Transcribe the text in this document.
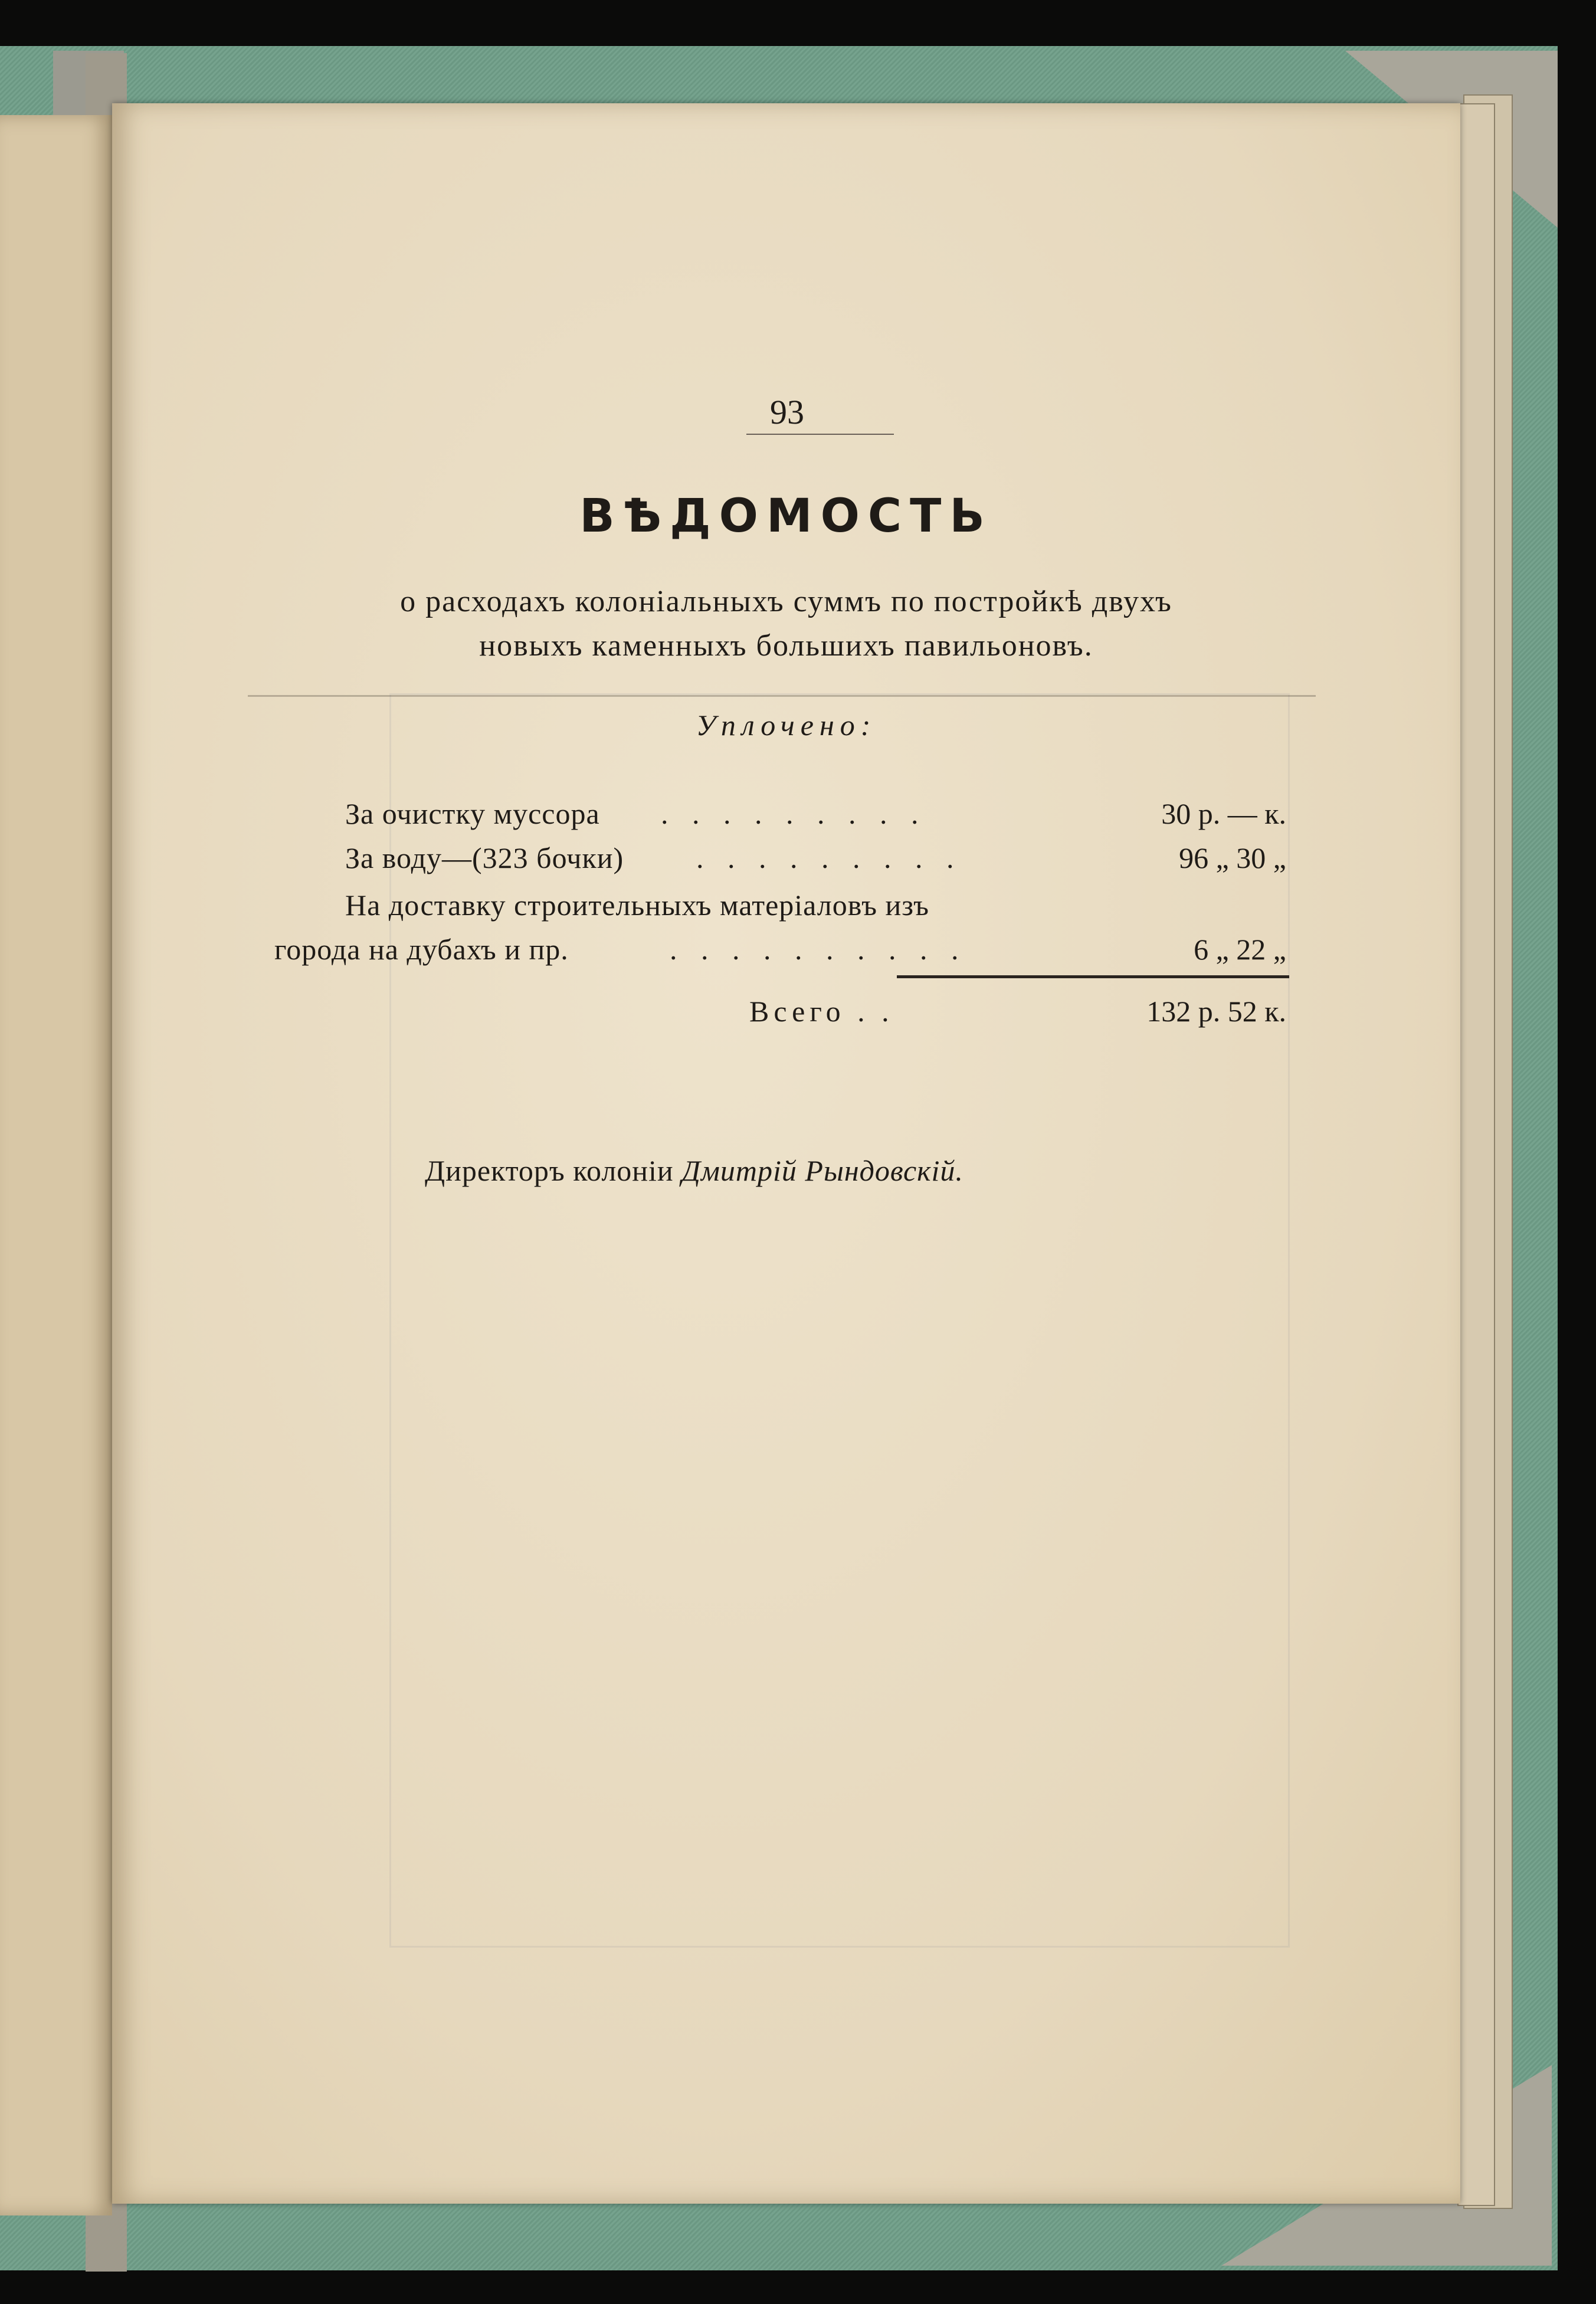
93
ВѢДОМОСТЬ
о расходахъ колоніальныхъ суммъ по постройкѣ двухъ
новыхъ каменныхъ большихъ павильоновъ.
Уплочено:
За очистку муссора . . . . . . . . .	30 р. — к.
За воду—(323 бочки) . . . . . . . . .	96 „ 30 „
На доставку строительныхъ матеріаловъ изъ
города на дубахъ и пр.	. . . . . . . . . .	6 „ 22 „
Всего . .	132 р. 52 к.
Директоръ колоніи Дмитрій Рындовскій.
